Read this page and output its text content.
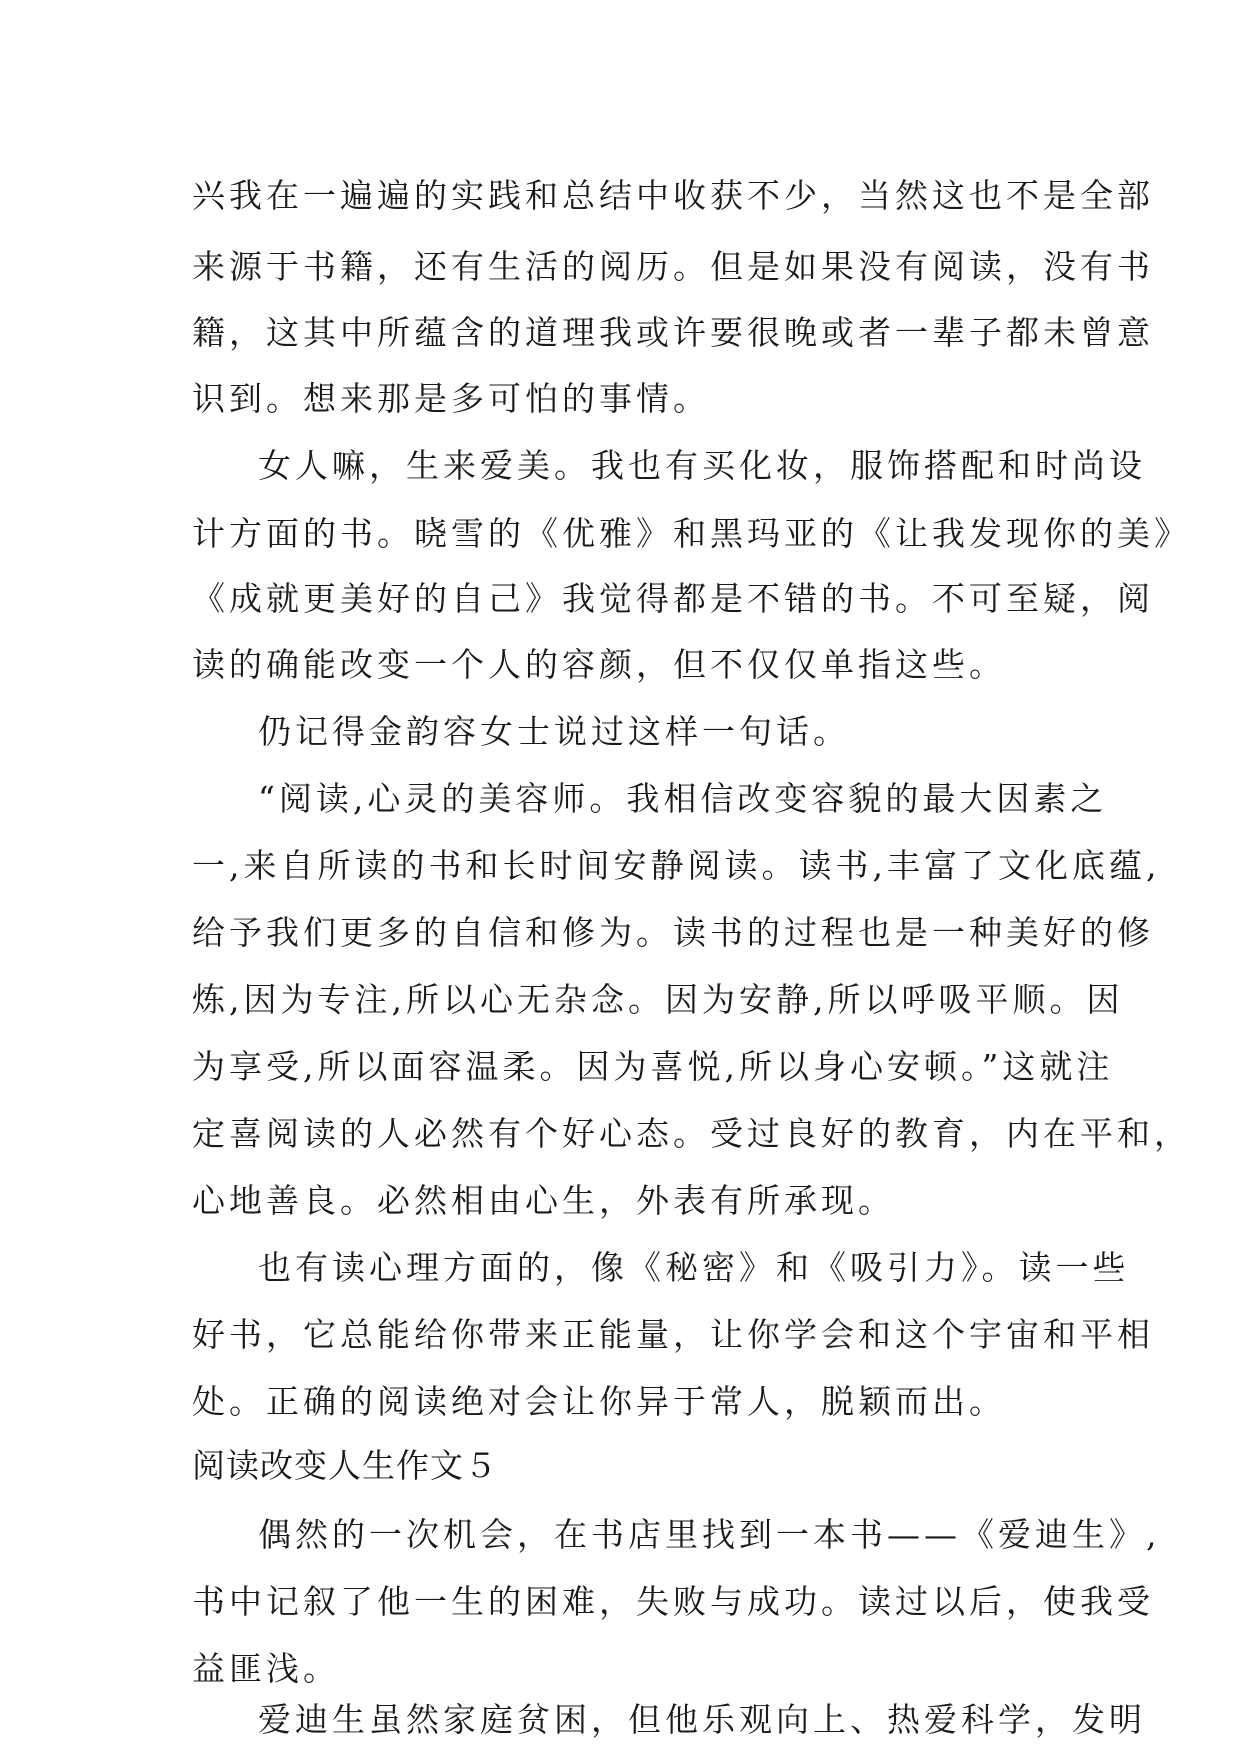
兴我在一遍遍的实践和总结中收获不少，当然这也不是全部
来源于书籍，还有生活的阅历。但是如果没有阅读，没有书
籍，这其中所蕴含的道理我或许要很晚或者一辈子都未曾意
识到。想来那是多可怕的事情。
女人嘛，生来爱美。我也有买化妆，服饰搭配和时尚设
计方面的书。晓雪的《优雅》和黑玛亚的《让我发现你的美》
《成就更美好的自己》我觉得都是不错的书。不可至疑，阅
读的确能改变一个人的容颜，但不仅仅单指这些。
仍记得金韵容女士说过这样一句话。
“阅读,心灵的美容师。我相信改变容貌的最大因素之
一,来自所读的书和长时间安静阅读。读书,丰富了文化底蕴,
给予我们更多的自信和修为。读书的过程也是一种美好的修
炼,因为专注,所以心无杂念。因为安静,所以呼吸平顺。因
为享受,所以面容温柔。因为喜悦,所以身心安顿。”这就注
定喜阅读的人必然有个好心态。受过良好的教育，内在平和，
心地善良。必然相由心生，外表有所承现。
也有读心理方面的，像《秘密》和《吸引力》。读一些
好书，它总能给你带来正能量，让你学会和这个宇宙和平相
处。正确的阅读绝对会让你异于常人，脱颖而出。
阅读改变人生作文５
偶然的一次机会，在书店里找到一本书——《爱迪生》,
书中记叙了他一生的困难，失败与成功。读过以后，使我受
益匪浅。
爱迪生虽然家庭贫困，但他乐观向上、热爱科学，发明
